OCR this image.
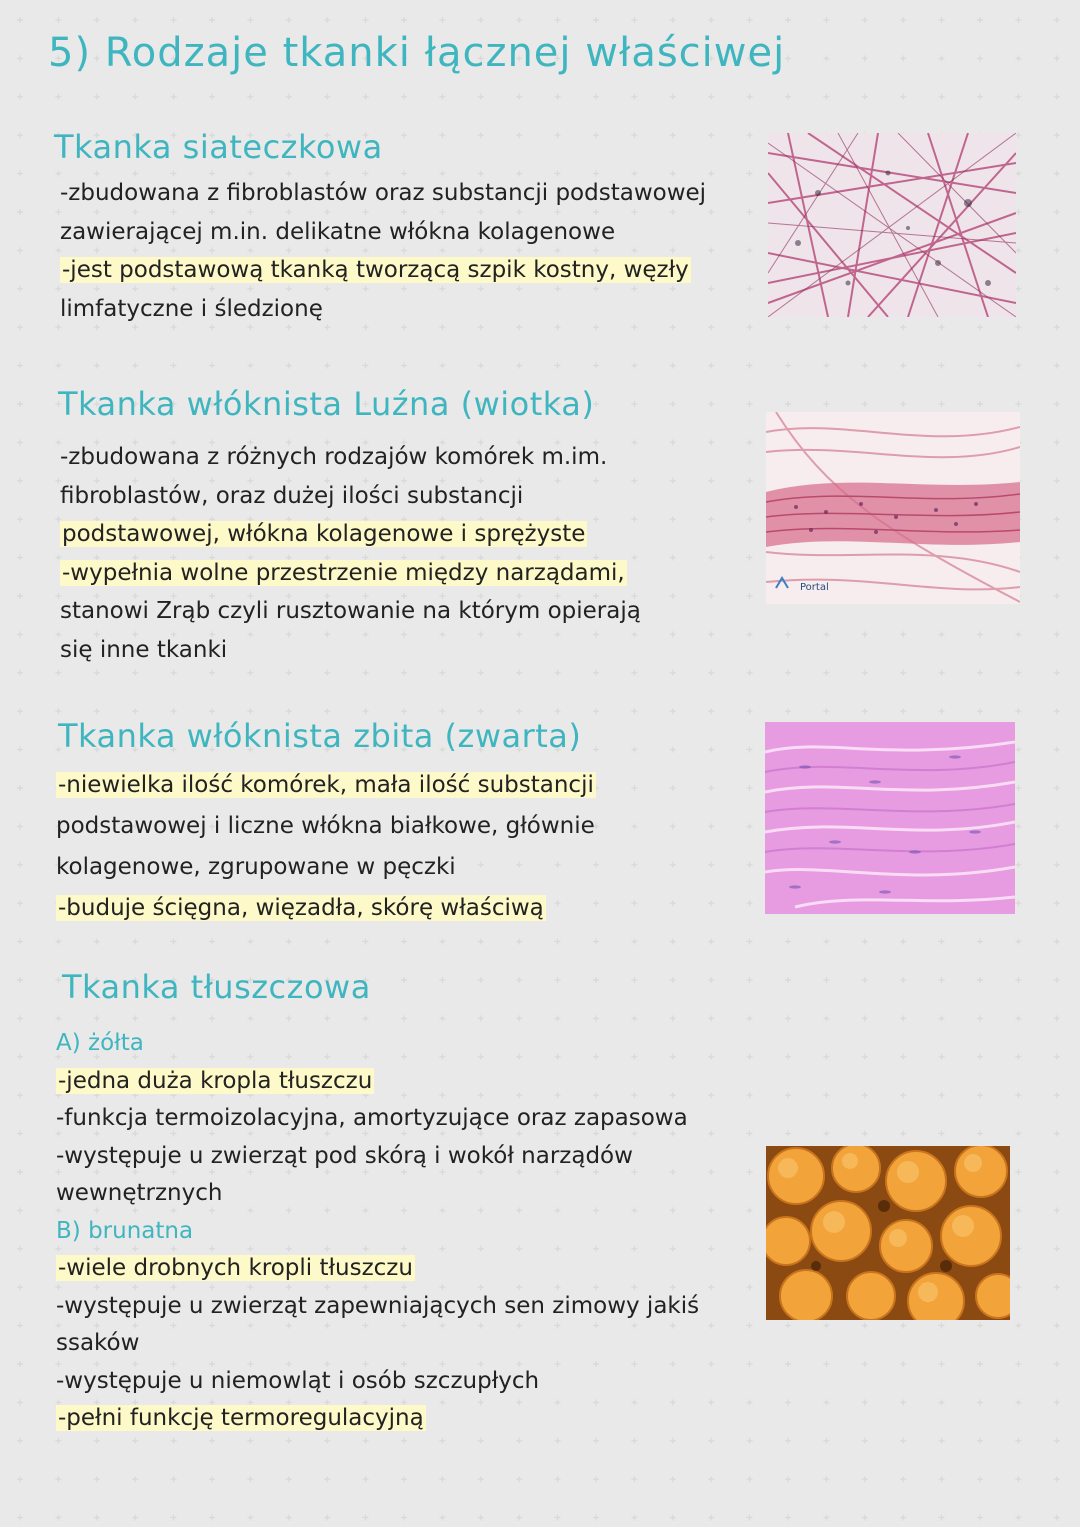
5) Rodzaje tkanki łącznej właściwej
Tkanka siateczkowa
-zbudowana z fibroblastów oraz substancji podstawowej
zawierającej m.in. delikatne włókna kolagenowe
-jest podstawową tkanką tworzącą szpik kostny, węzły
limfatyczne i śledzionę
Tkanka włóknista Luźna (wiotka)
-zbudowana z różnych rodzajów komórek m.im.
fibroblastów, oraz dużej ilości substancji
podstawowej, włókna kolagenowe i sprężyste
-wypełnia wolne przestrzenie między narządami,
stanowi Zrąb czyli rusztowanie na którym opierają
się inne tkanki
Portal
Tkanka włóknista zbita (zwarta)
-niewielka ilość komórek, mała ilość substancji
podstawowej i liczne włókna białkowe, głównie
kolagenowe, zgrupowane w pęczki
-buduje ścięgna, więzadła, skórę właściwą
Tkanka tłuszczowa
A) żółta
-jedna duża kropla tłuszczu
-funkcja termoizolacyjna, amortyzujące oraz zapasowa
-występuje u zwierząt pod skórą i wokół narządów
wewnętrznych
B) brunatna
-wiele drobnych kropli tłuszczu
-występuje u zwierząt zapewniających sen zimowy jakiś
ssaków
-występuje u niemowląt i osób szczupłych
-pełni funkcję termoregulacyjną
